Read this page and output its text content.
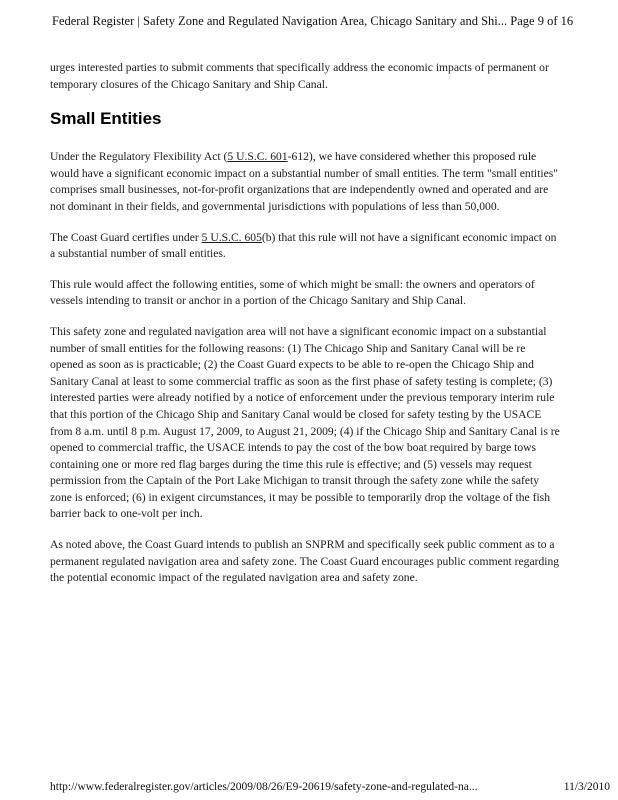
Federal Register | Safety Zone and Regulated Navigation Area, Chicago Sanitary and Shi... Page 9 of 16

urges interested parties to submit comments that specifically address the economic impacts of permanent or temporary closures of the Chicago Sanitary and Ship Canal.

Small Entities

Under the Regulatory Flexibility Act (5 U.S.C. 601-612), we have considered whether this proposed rule would have a significant economic impact on a substantial number of small entities. The term "small entities" comprises small businesses, not-for-profit organizations that are independently owned and operated and are not dominant in their fields, and governmental jurisdictions with populations of less than 50,000.

The Coast Guard certifies under 5 U.S.C. 605(b) that this rule will not have a significant economic impact on a substantial number of small entities.

This rule would affect the following entities, some of which might be small: the owners and operators of vessels intending to transit or anchor in a portion of the Chicago Sanitary and Ship Canal.

This safety zone and regulated navigation area will not have a significant economic impact on a substantial number of small entities for the following reasons: (1) The Chicago Ship and Sanitary Canal will be re opened as soon as is practicable; (2) the Coast Guard expects to be able to re-open the Chicago Ship and Sanitary Canal at least to some commercial traffic as soon as the first phase of safety testing is complete; (3) interested parties were already notified by a notice of enforcement under the previous temporary interim rule that this portion of the Chicago Ship and Sanitary Canal would be closed for safety testing by the USACE from 8 a.m. until 8 p.m. August 17, 2009, to August 21, 2009; (4) if the Chicago Ship and Sanitary Canal is re opened to commercial traffic, the USACE intends to pay the cost of the bow boat required by barge tows containing one or more red flag barges during the time this rule is effective; and (5) vessels may request permission from the Captain of the Port Lake Michigan to transit through the safety zone while the safety zone is enforced; (6) in exigent circumstances, it may be possible to temporarily drop the voltage of the fish barrier back to one-volt per inch.

As noted above, the Coast Guard intends to publish an SNPRM and specifically seek public comment as to a permanent regulated navigation area and safety zone. The Coast Guard encourages public comment regarding the potential economic impact of the regulated navigation area and safety zone.

http://www.federalregister.gov/articles/2009/08/26/E9-20619/safety-zone-and-regulated-na...	11/3/2010
